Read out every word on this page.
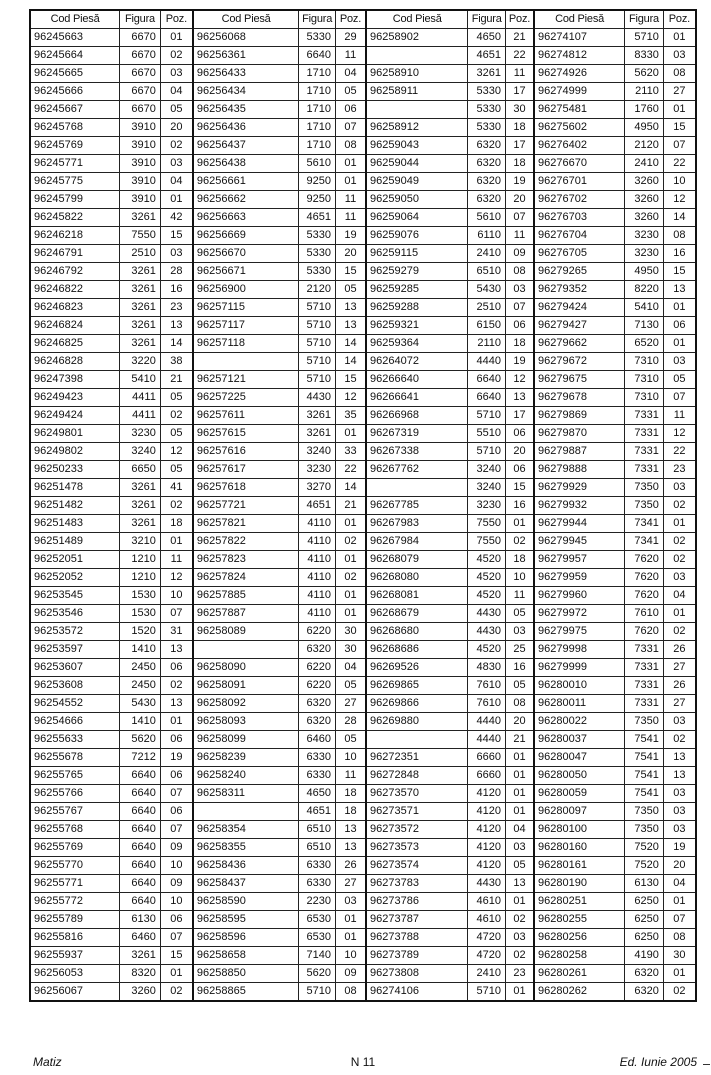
Cod Piesă	Figura	Poz.	Cod Piesă	Figura	Poz.	Cod Piesă	Figura	Poz.	Cod Piesă	Figura	Poz.
96245663	6670	01	96256068	5330	29	96258902	4650	21	96274107	5710	01
96245664	6670	02	96256361	6640	11		4651	22	96274812	8330	03
96245665	6670	03	96256433	1710	04	96258910	3261	11	96274926	5620	08
96245666	6670	04	96256434	1710	05	96258911	5330	17	96274999	2110	27
96245667	6670	05	96256435	1710	06		5330	30	96275481	1760	01
96245768	3910	20	96256436	1710	07	96258912	5330	18	96275602	4950	15
96245769	3910	02	96256437	1710	08	96259043	6320	17	96276402	2120	07
96245771	3910	03	96256438	5610	01	96259044	6320	18	96276670	2410	22
96245775	3910	04	96256661	9250	01	96259049	6320	19	96276701	3260	10
96245799	3910	01	96256662	9250	11	96259050	6320	20	96276702	3260	12
96245822	3261	42	96256663	4651	11	96259064	5610	07	96276703	3260	14
96246218	7550	15	96256669	5330	19	96259076	6110	11	96276704	3230	08
96246791	2510	03	96256670	5330	20	96259115	2410	09	96276705	3230	16
96246792	3261	28	96256671	5330	15	96259279	6510	08	96279265	4950	15
96246822	3261	16	96256900	2120	05	96259285	5430	03	96279352	8220	13
96246823	3261	23	96257115	5710	13	96259288	2510	07	96279424	5410	01
96246824	3261	13	96257117	5710	13	96259321	6150	06	96279427	7130	06
96246825	3261	14	96257118	5710	14	96259364	2110	18	96279662	6520	01
96246828	3220	38		5710	14	96264072	4440	19	96279672	7310	03
96247398	5410	21	96257121	5710	15	96266640	6640	12	96279675	7310	05
96249423	4411	05	96257225	4430	12	96266641	6640	13	96279678	7310	07
96249424	4411	02	96257611	3261	35	96266968	5710	17	96279869	7331	11
96249801	3230	05	96257615	3261	01	96267319	5510	06	96279870	7331	12
96249802	3240	12	96257616	3240	33	96267338	5710	20	96279887	7331	22
96250233	6650	05	96257617	3230	22	96267762	3240	06	96279888	7331	23
96251478	3261	41	96257618	3270	14		3240	15	96279929	7350	03
96251482	3261	02	96257721	4651	21	96267785	3230	16	96279932	7350	02
96251483	3261	18	96257821	4110	01	96267983	7550	01	96279944	7341	01
96251489	3210	01	96257822	4110	02	96267984	7550	02	96279945	7341	02
96252051	1210	11	96257823	4110	01	96268079	4520	18	96279957	7620	02
96252052	1210	12	96257824	4110	02	96268080	4520	10	96279959	7620	03
96253545	1530	10	96257885	4110	01	96268081	4520	11	96279960	7620	04
96253546	1530	07	96257887	4110	01	96268679	4430	05	96279972	7610	01
96253572	1520	31	96258089	6220	30	96268680	4430	03	96279975	7620	02
96253597	1410	13		6320	30	96268686	4520	25	96279998	7331	26
96253607	2450	06	96258090	6220	04	96269526	4830	16	96279999	7331	27
96253608	2450	02	96258091	6220	05	96269865	7610	05	96280010	7331	26
96254552	5430	13	96258092	6320	27	96269866	7610	08	96280011	7331	27
96254666	1410	01	96258093	6320	28	96269880	4440	20	96280022	7350	03
96255633	5620	06	96258099	6460	05		4440	21	96280037	7541	02
96255678	7212	19	96258239	6330	10	96272351	6660	01	96280047	7541	13
96255765	6640	06	96258240	6330	11	96272848	6660	01	96280050	7541	13
96255766	6640	07	96258311	4650	18	96273570	4120	01	96280059	7541	03
96255767	6640	06		4651	18	96273571	4120	01	96280097	7350	03
96255768	6640	07	96258354	6510	13	96273572	4120	04	96280100	7350	03
96255769	6640	09	96258355	6510	13	96273573	4120	03	96280160	7520	19
96255770	6640	10	96258436	6330	26	96273574	4120	05	96280161	7520	20
96255771	6640	09	96258437	6330	27	96273783	4430	13	96280190	6130	04
96255772	6640	10	96258590	2230	03	96273786	4610	01	96280251	6250	01
96255789	6130	06	96258595	6530	01	96273787	4610	02	96280255	6250	07
96255816	6460	07	96258596	6530	01	96273788	4720	03	96280256	6250	08
96255937	3261	15	96258658	7140	10	96273789	4720	02	96280258	4190	30
96256053	8320	01	96258850	5620	09	96273808	2410	23	96280261	6320	01
96256067	3260	02	96258865	5710	08	96274106	5710	01	96280262	6320	02
Matiz	N 11	Ed. Iunie 2005
